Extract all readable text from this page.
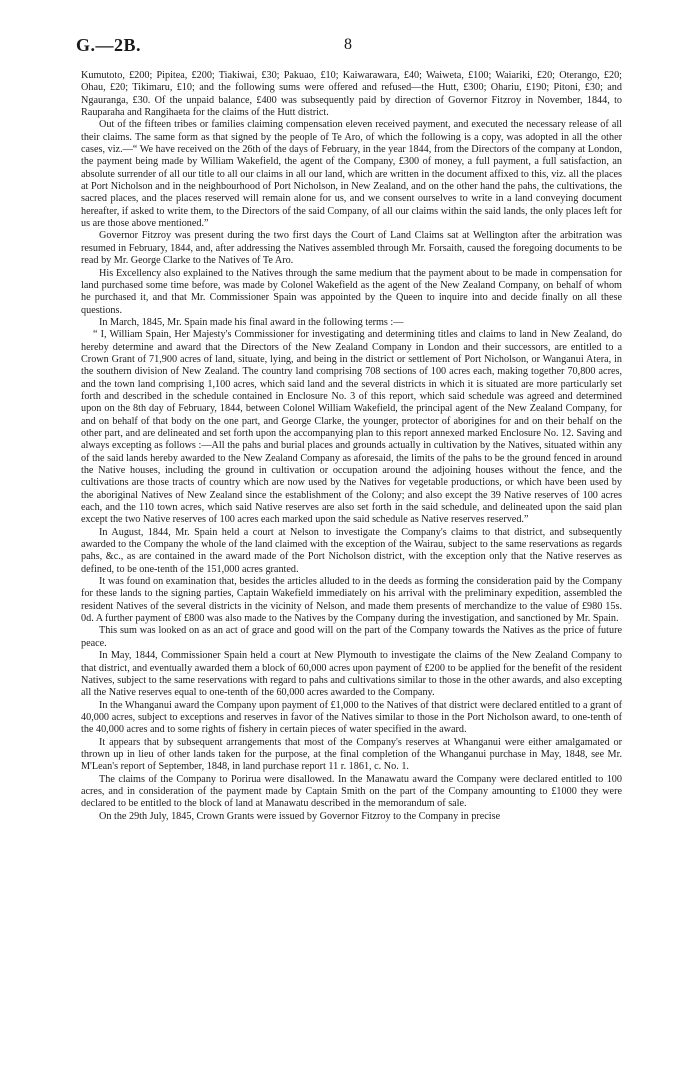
G.—2B.	8

Kumutoto, £200; Pipitea, £200; Tiakiwai, £30; Pakuao, £10; Kaiwarawara, £40; Waiweta, £100; Waiariki, £20; Oterango, £20; Ohau, £20; Tikimaru, £10; and the following sums were offered and refused—the Hutt, £300; Ohariu, £190; Pitoni, £30; and Ngauranga, £30. Of the unpaid balance, £400 was subsequently paid by direction of Governor Fitzroy in November, 1844, to Rauparaha and Rangihaeta for the claims of the Hutt district.

Out of the fifteen tribes or families claiming compensation eleven received payment, and executed the necessary release of all their claims. The same form as that signed by the people of Te Aro, of which the following is a copy, was adopted in all the other cases, viz.—“ We have received on the 26th of the days of February, in the year 1844, from the Directors of the company at London, the payment being made by William Wakefield, the agent of the Company, £300 of money, a full payment, a full satisfaction, an absolute surrender of all our title to all our claims in all our land, which are written in the document affixed to this, viz. all the places at Port Nicholson and in the neighbourhood of Port Nicholson, in New Zealand, and on the other hand the pahs, the cultivations, the sacred places, and the places reserved will remain alone for us, and we consent ourselves to write in a land conveying document hereafter, if asked to write them, to the Directors of the said Company, of all our claims within the said lands, the only places left for us are those above mentioned.”

Governor Fitzroy was present during the two first days the Court of Land Claims sat at Wellington after the arbitration was resumed in February, 1844, and, after addressing the Natives assembled through Mr. Forsaith, caused the foregoing documents to be read by Mr. George Clarke to the Natives of Te Aro.

His Excellency also explained to the Natives through the same medium that the payment about to be made in compensation for land purchased some time before, was made by Colonel Wakefield as the agent of the New Zealand Company, on behalf of whom he purchased it, and that Mr. Commissioner Spain was appointed by the Queen to inquire into and decide finally on all these questions.

In March, 1845, Mr. Spain made his final award in the following terms :—

“ I, William Spain, Her Majesty's Commissioner for investigating and determining titles and claims to land in New Zealand, do hereby determine and award that the Directors of the New Zealand Company in London and their successors, are entitled to a Crown Grant of 71,900 acres of land, situate, lying, and being in the district or settlement of Port Nicholson, or Wanganui Atera, in the southern division of New Zealand. The country land comprising 708 sections of 100 acres each, making together 70,800 acres, and the town land comprising 1,100 acres, which said land and the several districts in which it is situated are more particularly set forth and described in the schedule contained in Enclosure No. 3 of this report, which said schedule was agreed and determined upon on the 8th day of February, 1844, between Colonel William Wakefield, the principal agent of the New Zealand Company, for and on behalf of that body on the one part, and George Clarke, the younger, protector of aborigines for and on their behalf on the other part, and are delineated and set forth upon the accompanying plan to this report annexed marked Enclosure No. 12. Saving and always excepting as follows :—All the pahs and burial places and grounds actually in cultivation by the Natives, situated within any of the said lands hereby awarded to the New Zealand Company as aforesaid, the limits of the pahs to be the ground fenced in around the Native houses, including the ground in cultivation or occupation around the adjoining houses without the fence, and the cultivations are those tracts of country which are now used by the Natives for vegetable productions, or which have been used by the aboriginal Natives of New Zealand since the establishment of the Colony; and also except the 39 Native reserves of 100 acres each, and the 110 town acres, which said Native reserves are also set forth in the said schedule, and delineated upon the said plan except the two Native reserves of 100 acres each marked upon the said schedule as Native reserves reserved.”

In August, 1844, Mr. Spain held a court at Nelson to investigate the Company's claims to that district, and subsequently awarded to the Company the whole of the land claimed with the exception of the Wairau, subject to the same reservations as regards pahs, &c., as are contained in the award made of the Port Nicholson district, with the exception only that the Native reserves as defined, to be one-tenth of the 151,000 acres granted.

It was found on examination that, besides the articles alluded to in the deeds as forming the consideration paid by the Company for these lands to the signing parties, Captain Wakefield immediately on his arrival with the preliminary expedition, assembled the resident Natives of the several districts in the vicinity of Nelson, and made them presents of merchandize to the value of £980 15s. 0d. A further payment of £800 was also made to the Natives by the Company during the investigation, and sanctioned by Mr. Spain.

This sum was looked on as an act of grace and good will on the part of the Company towards the Natives as the price of future peace.

In May, 1844, Commissioner Spain held a court at New Plymouth to investigate the claims of the New Zealand Company to that district, and eventually awarded them a block of 60,000 acres upon payment of £200 to be applied for the benefit of the resident Natives, subject to the same reservations with regard to pahs and cultivations similar to those in the other awards, and also excepting all the Native reserves equal to one-tenth of the 60,000 acres awarded to the Company.

In the Whanganui award the Company upon payment of £1,000 to the Natives of that district were declared entitled to a grant of 40,000 acres, subject to exceptions and reserves in favor of the Natives similar to those in the Port Nicholson award, to one-tenth of the 40,000 acres and to some rights of fishery in certain pieces of water specified in the award.

It appears that by subsequent arrangements that most of the Company's reserves at Whanganui were either amalgamated or thrown up in lieu of other lands taken for the purpose, at the final completion of the Whanganui purchase in May, 1848, see Mr. M'Lean's report of September, 1848, in land purchase report 11 r. 1861, c. No. 1.

The claims of the Company to Porirua were disallowed. In the Manawatu award the Company were declared entitled to 100 acres, and in consideration of the payment made by Captain Smith on the part of the Company amounting to £1000 they were declared to be entitled to the block of land at Manawatu described in the memorandum of sale.

On the 29th July, 1845, Crown Grants were issued by Governor Fitzroy to the Company in precise
